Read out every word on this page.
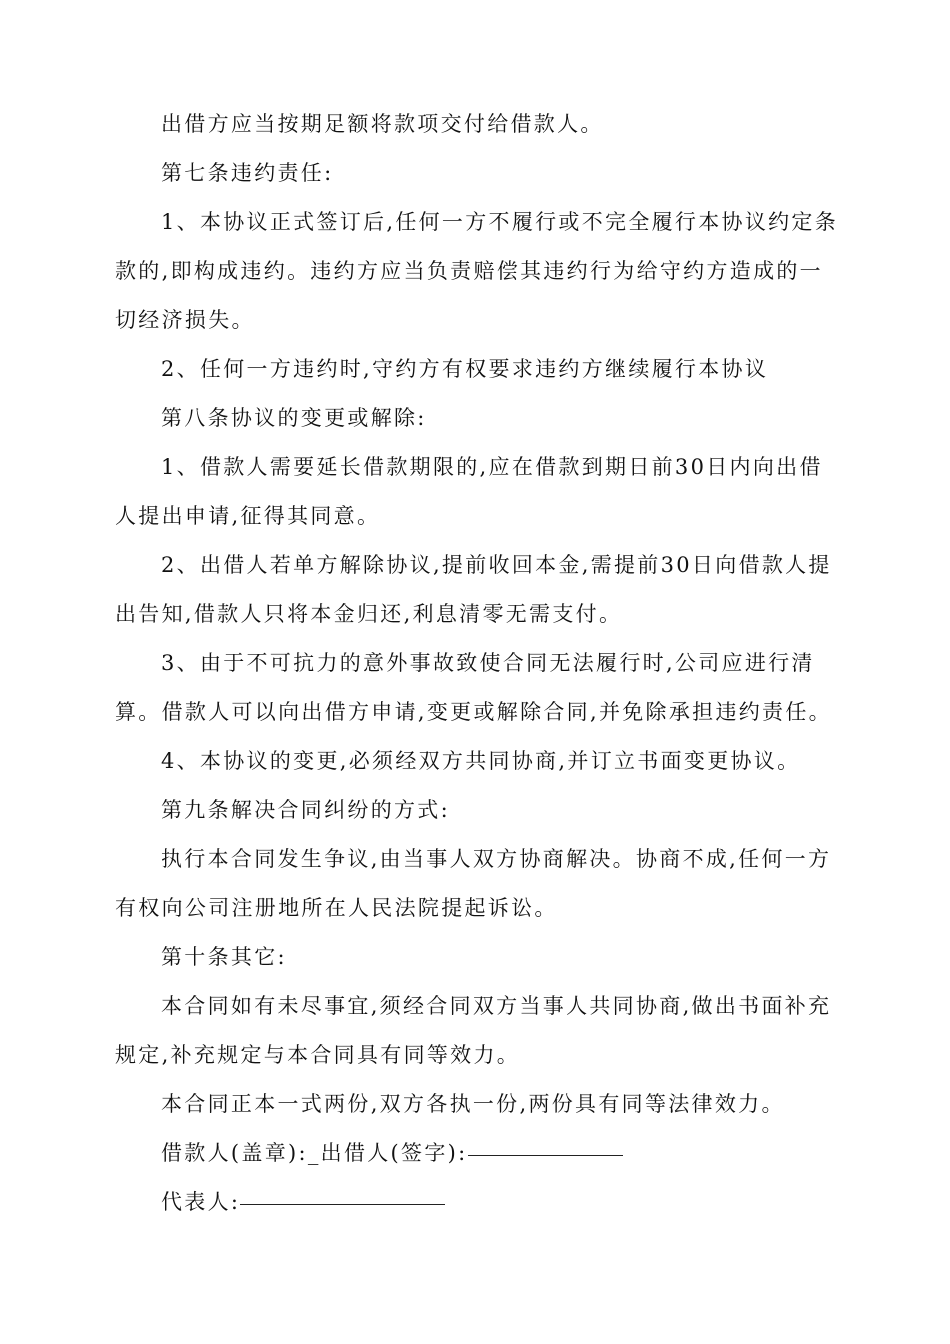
出借方应当按期足额将款项交付给借款人。

第七条违约责任:

1、本协议正式签订后,任何一方不履行或不完全履行本协议约定条款的,即构成违约。违约方应当负责赔偿其违约行为给守约方造成的一切经济损失。

2、任何一方违约时,守约方有权要求违约方继续履行本协议

第八条协议的变更或解除:

1、借款人需要延长借款期限的,应在借款到期日前30日内向出借人提出申请,征得其同意。

2、出借人若单方解除协议,提前收回本金,需提前30日向借款人提出告知,借款人只将本金归还,利息清零无需支付。

3、由于不可抗力的意外事故致使合同无法履行时,公司应进行清算。借款人可以向出借方申请,变更或解除合同,并免除承担违约责任。

4、本协议的变更,必须经双方共同协商,并订立书面变更协议。

第九条解决合同纠纷的方式:

执行本合同发生争议,由当事人双方协商解决。协商不成,任何一方有权向公司注册地所在人民法院提起诉讼。

第十条其它:

本合同如有未尽事宜,须经合同双方当事人共同协商,做出书面补充规定,补充规定与本合同具有同等效力。

本合同正本一式两份,双方各执一份,两份具有同等法律效力。

借款人(盖章):_出借人(签字):

代表人:
